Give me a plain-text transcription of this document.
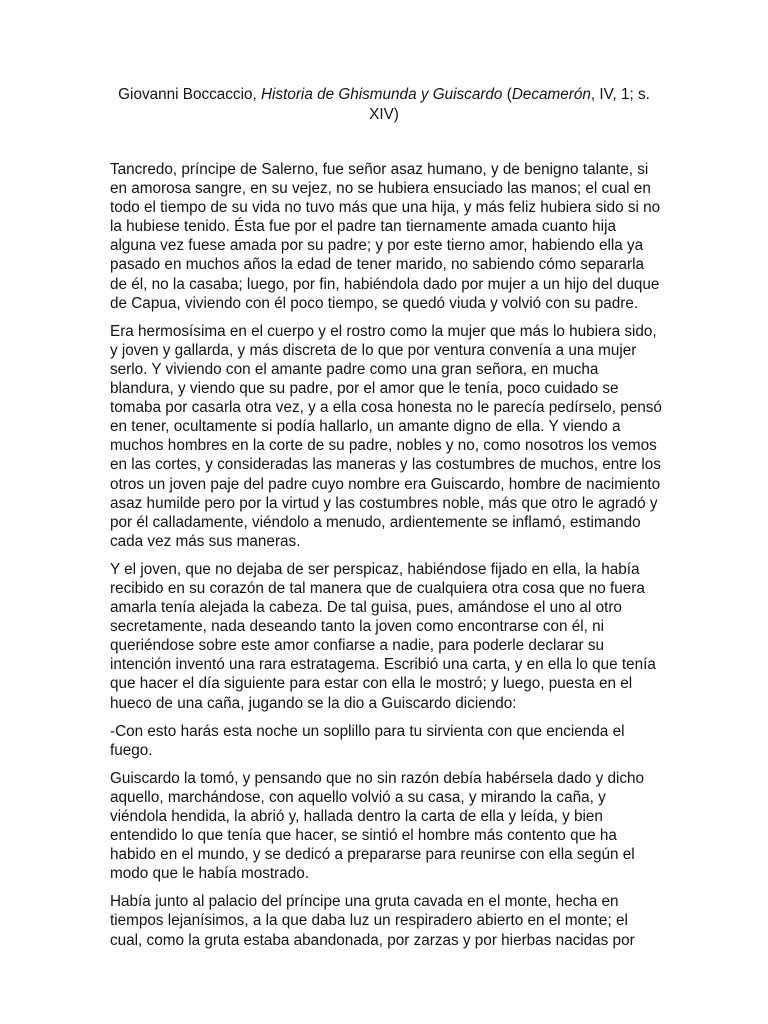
Giovanni Boccaccio, Historia de Ghismunda y Guiscardo (Decamerón, IV, 1; s. XIV)

Tancredo, príncipe de Salerno, fue señor asaz humano, y de benigno talante, si en amorosa sangre, en su vejez, no se hubiera ensuciado las manos; el cual en todo el tiempo de su vida no tuvo más que una hija, y más feliz hubiera sido si no la hubiese tenido. Ésta fue por el padre tan tiernamente amada cuanto hija alguna vez fuese amada por su padre; y por este tierno amor, habiendo ella ya pasado en muchos años la edad de tener marido, no sabiendo cómo separarla de él, no la casaba; luego, por fin, habiéndola dado por mujer a un hijo del duque de Capua, viviendo con él poco tiempo, se quedó viuda y volvió con su padre.

Era hermosísima en el cuerpo y el rostro como la mujer que más lo hubiera sido, y joven y gallarda, y más discreta de lo que por ventura convenía a una mujer serlo. Y viviendo con el amante padre como una gran señora, en mucha blandura, y viendo que su padre, por el amor que le tenía, poco cuidado se tomaba por casarla otra vez, y a ella cosa honesta no le parecía pedírselo, pensó en tener, ocultamente si podía hallarlo, un amante digno de ella. Y viendo a muchos hombres en la corte de su padre, nobles y no, como nosotros los vemos en las cortes, y consideradas las maneras y las costumbres de muchos, entre los otros un joven paje del padre cuyo nombre era Guiscardo, hombre de nacimiento asaz humilde pero por la virtud y las costumbres noble, más que otro le agradó y por él calladamente, viéndolo a menudo, ardientemente se inflamó, estimando cada vez más sus maneras.

Y el joven, que no dejaba de ser perspicaz, habiéndose fijado en ella, la había recibido en su corazón de tal manera que de cualquiera otra cosa que no fuera amarla tenía alejada la cabeza. De tal guisa, pues, amándose el uno al otro secretamente, nada deseando tanto la joven como encontrarse con él, ni queriéndose sobre este amor confiarse a nadie, para poderle declarar su intención inventó una rara estratagema. Escribió una carta, y en ella lo que tenía que hacer el día siguiente para estar con ella le mostró; y luego, puesta en el hueco de una caña, jugando se la dio a Guiscardo diciendo:

-Con esto harás esta noche un soplillo para tu sirvienta con que encienda el fuego.

Guiscardo la tomó, y pensando que no sin razón debía habérsela dado y dicho aquello, marchándose, con aquello volvió a su casa, y mirando la caña, y viéndola hendida, la abrió y, hallada dentro la carta de ella y leída, y bien entendido lo que tenía que hacer, se sintió el hombre más contento que ha habido en el mundo, y se dedicó a prepararse para reunirse con ella según el modo que le había mostrado.

Había junto al palacio del príncipe una gruta cavada en el monte, hecha en tiempos lejanísimos, a la que daba luz un respiradero abierto en el monte; el cual, como la gruta estaba abandonada, por zarzas y por hierbas nacidas por
